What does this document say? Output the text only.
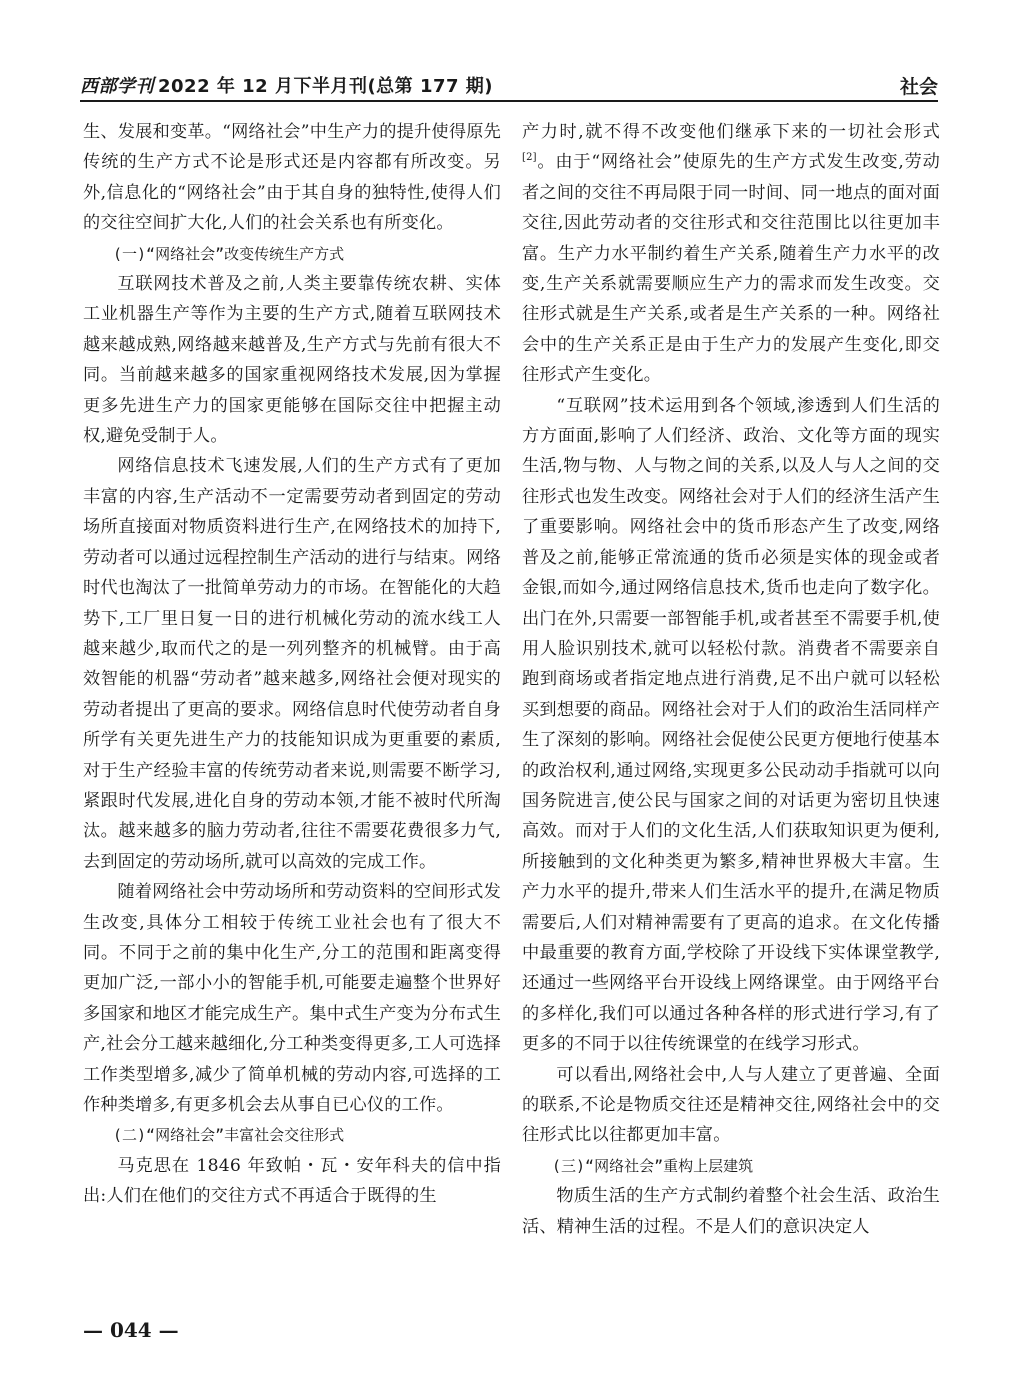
西部学刊 2022 年 12 月下半月刊(总第 177 期)	社会

生、发展和变革。“网络社会”中生产力的提升使得原先传统的生产方式不论是形式还是内容都有所改变。另外,信息化的“网络社会”由于其自身的独特性,使得人们的交往空间扩大化,人们的社会关系也有所变化。

(一)“网络社会”改变传统生产方式

互联网技术普及之前,人类主要靠传统农耕、实体工业机器生产等作为主要的生产方式,随着互联网技术越来越成熟,网络越来越普及,生产方式与先前有很大不同。当前越来越多的国家重视网络技术发展,因为掌握更多先进生产力的国家更能够在国际交往中把握主动权,避免受制于人。

网络信息技术飞速发展,人们的生产方式有了更加丰富的内容,生产活动不一定需要劳动者到固定的劳动场所直接面对物质资料进行生产,在网络技术的加持下,劳动者可以通过远程控制生产活动的进行与结束。网络时代也淘汰了一批简单劳动力的市场。在智能化的大趋势下,工厂里日复一日的进行机械化劳动的流水线工人越来越少,取而代之的是一列列整齐的机械臂。由于高效智能的机器“劳动者”越来越多,网络社会便对现实的劳动者提出了更高的要求。网络信息时代使劳动者自身所学有关更先进生产力的技能知识成为更重要的素质,对于生产经验丰富的传统劳动者来说,则需要不断学习,紧跟时代发展,进化自身的劳动本领,才能不被时代所淘汰。越来越多的脑力劳动者,往往不需要花费很多力气,去到固定的劳动场所,就可以高效的完成工作。

随着网络社会中劳动场所和劳动资料的空间形式发生改变,具体分工相较于传统工业社会也有了很大不同。不同于之前的集中化生产,分工的范围和距离变得更加广泛,一部小小的智能手机,可能要走遍整个世界好多国家和地区才能完成生产。集中式生产变为分布式生产,社会分工越来越细化,分工种类变得更多,工人可选择工作类型增多,减少了简单机械的劳动内容,可选择的工作种类增多,有更多机会去从事自已心仪的工作。

(二)“网络社会”丰富社会交往形式

马克思在 1846 年致帕・瓦・安年科夫的信中指出:人们在他们的交往方式不再适合于既得的生

产力时,就不得不改变他们继承下来的一切社会形式[2]。由于“网络社会”使原先的生产方式发生改变,劳动者之间的交往不再局限于同一时间、同一地点的面对面交往,因此劳动者的交往形式和交往范围比以往更加丰富。生产力水平制约着生产关系,随着生产力水平的改变,生产关系就需要顺应生产力的需求而发生改变。交往形式就是生产关系,或者是生产关系的一种。网络社会中的生产关系正是由于生产力的发展产生变化,即交往形式产生变化。

“互联网”技术运用到各个领域,渗透到人们生活的方方面面,影响了人们经济、政治、文化等方面的现实生活,物与物、人与物之间的关系,以及人与人之间的交往形式也发生改变。网络社会对于人们的经济生活产生了重要影响。网络社会中的货币形态产生了改变,网络普及之前,能够正常流通的货币必须是实体的现金或者金银,而如今,通过网络信息技术,货币也走向了数字化。出门在外,只需要一部智能手机,或者甚至不需要手机,使用人脸识别技术,就可以轻松付款。消费者不需要亲自跑到商场或者指定地点进行消费,足不出户就可以轻松买到想要的商品。网络社会对于人们的政治生活同样产生了深刻的影响。网络社会促使公民更方便地行使基本的政治权利,通过网络,实现更多公民动动手指就可以向国务院进言,使公民与国家之间的对话更为密切且快速高效。而对于人们的文化生活,人们获取知识更为便利,所接触到的文化种类更为繁多,精神世界极大丰富。生产力水平的提升,带来人们生活水平的提升,在满足物质需要后,人们对精神需要有了更高的追求。在文化传播中最重要的教育方面,学校除了开设线下实体课堂教学,还通过一些网络平台开设线上网络课堂。由于网络平台的多样化,我们可以通过各种各样的形式进行学习,有了更多的不同于以往传统课堂的在线学习形式。

可以看出,网络社会中,人与人建立了更普遍、全面的联系,不论是物质交往还是精神交往,网络社会中的交往形式比以往都更加丰富。

(三)“网络社会”重构上层建筑

物质生活的生产方式制约着整个社会生活、政治生活、精神生活的过程。不是人们的意识决定人

— 044 —
